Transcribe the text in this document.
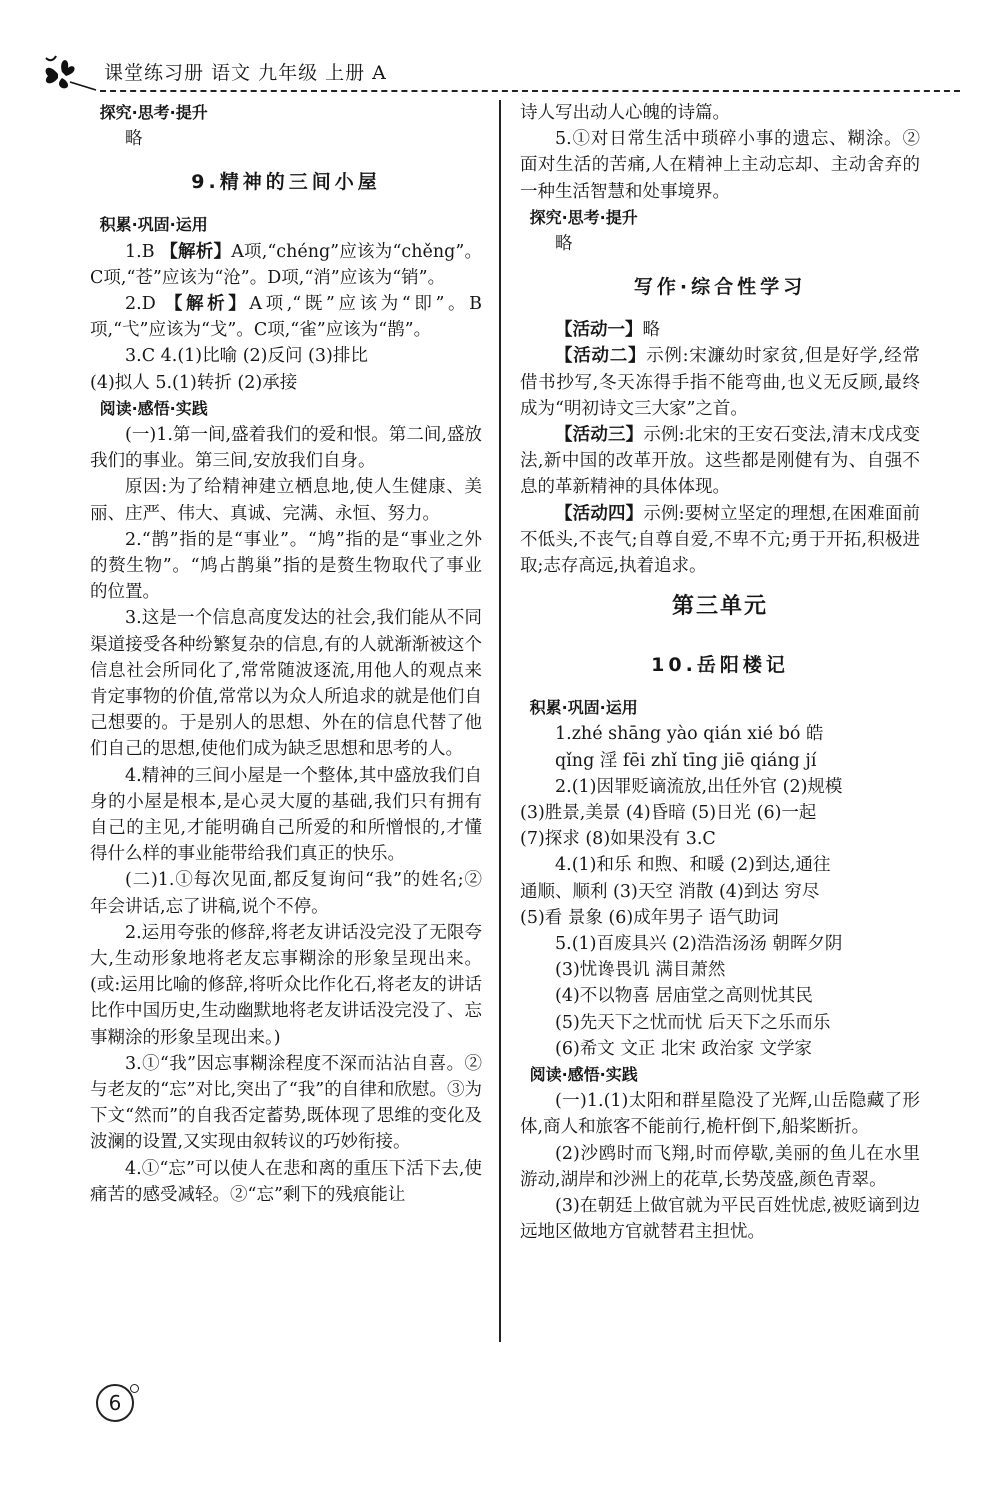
课堂练习册 语文 九年级 上册 A

探究·思考·提升

略

9.精神的三间小屋

积累·巩固·运用

1.B 【解析】A项,“chéng”应该为“chěng”。C项,“苍”应该为“沧”。D项,“消”应该为“销”。

2.D 【解析】A项,“既”应该为“即”。B项,“弋”应该为“戈”。C项,“雀”应该为“鹊”。

3.C 4.(1)比喻 (2)反问 (3)排比

(4)拟人 5.(1)转折 (2)承接

阅读·感悟·实践

(一)1.第一间,盛着我们的爱和恨。第二间,盛放我们的事业。第三间,安放我们自身。

原因:为了给精神建立栖息地,使人生健康、美丽、庄严、伟大、真诚、完满、永恒、努力。

2.“鹊”指的是“事业”。“鸠”指的是“事业之外的赘生物”。“鸠占鹊巢”指的是赘生物取代了事业的位置。

3.这是一个信息高度发达的社会,我们能从不同渠道接受各种纷繁复杂的信息,有的人就渐渐被这个信息社会所同化了,常常随波逐流,用他人的观点来肯定事物的价值,常常以为众人所追求的就是他们自己想要的。于是别人的思想、外在的信息代替了他们自己的思想,使他们成为缺乏思想和思考的人。

4.精神的三间小屋是一个整体,其中盛放我们自身的小屋是根本,是心灵大厦的基础,我们只有拥有自己的主见,才能明确自己所爱的和所憎恨的,才懂得什么样的事业能带给我们真正的快乐。

(二)1.①每次见面,都反复询问“我”的姓名;②年会讲话,忘了讲稿,说个不停。

2.运用夸张的修辞,将老友讲话没完没了无限夸大,生动形象地将老友忘事糊涂的形象呈现出来。(或:运用比喻的修辞,将听众比作化石,将老友的讲话比作中国历史,生动幽默地将老友讲话没完没了、忘事糊涂的形象呈现出来。)

3.①“我”因忘事糊涂程度不深而沾沾自喜。②与老友的“忘”对比,突出了“我”的自律和欣慰。③为下文“然而”的自我否定蓄势,既体现了思维的变化及波澜的设置,又实现由叙转议的巧妙衔接。

4.①“忘”可以使人在悲和离的重压下活下去,使痛苦的感受减轻。②“忘”剩下的残痕能让

诗人写出动人心魄的诗篇。

5.①对日常生活中琐碎小事的遗忘、糊涂。②面对生活的苦痛,人在精神上主动忘却、主动舍弃的一种生活智慧和处事境界。

探究·思考·提升

略

写作·综合性学习

【活动一】略

【活动二】示例:宋濂幼时家贫,但是好学,经常借书抄写,冬天冻得手指不能弯曲,也义无反顾,最终成为“明初诗文三大家”之首。

【活动三】示例:北宋的王安石变法,清末戊戌变法,新中国的改革开放。这些都是刚健有为、自强不息的革新精神的具体体现。

【活动四】示例:要树立坚定的理想,在困难面前不低头,不丧气;自尊自爱,不卑不亢;勇于开拓,积极进取;志存高远,执着追求。

第三单元
10.岳阳楼记

积累·巩固·运用

1.zhé shāng yào qián xié bó 皓

qǐng 淫 fēi zhǐ tīng jiē qiáng jí

2.(1)因罪贬谪流放,出任外官 (2)规模

(3)胜景,美景 (4)昏暗 (5)日光 (6)一起

(7)探求 (8)如果没有 3.C

4.(1)和乐 和煦、和暖 (2)到达,通往

通顺、顺利 (3)天空 消散 (4)到达 穷尽

(5)看 景象 (6)成年男子 语气助词

5.(1)百废具兴 (2)浩浩汤汤 朝晖夕阴

(3)忧谗畏讥 满目萧然

(4)不以物喜 居庙堂之高则忧其民

(5)先天下之忧而忧 后天下之乐而乐

(6)希文 文正 北宋 政治家 文学家

阅读·感悟·实践

(一)1.(1)太阳和群星隐没了光辉,山岳隐藏了形体,商人和旅客不能前行,桅杆倒下,船桨断折。

(2)沙鸥时而飞翔,时而停歇,美丽的鱼儿在水里游动,湖岸和沙洲上的花草,长势茂盛,颜色青翠。

(3)在朝廷上做官就为平民百姓忧虑,被贬谪到边远地区做地方官就替君主担忧。

6
